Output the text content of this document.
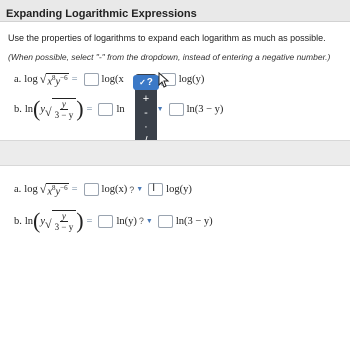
Expanding Logarithmic Expressions
Use the properties of logarithms to expand each logarithm as much as possible.
(When possible, select "-" from the dropdown, instead of entering a negative number.)
a. log √ $x^8y^{-6} = \log(x$	log(y)
b. ln ( y √ $\frac{y}{3 - y}$ ) = ln	▼ ln(3 − y)
+
-
·
✓ ?
a. log √ $x^8y^{-6} = \log(x)$ ? ▼ I log(y)
b. ln ( y √ $\frac{y}{3 - y}$ ) = ln(y) ? ▼ ln(3 − y)
